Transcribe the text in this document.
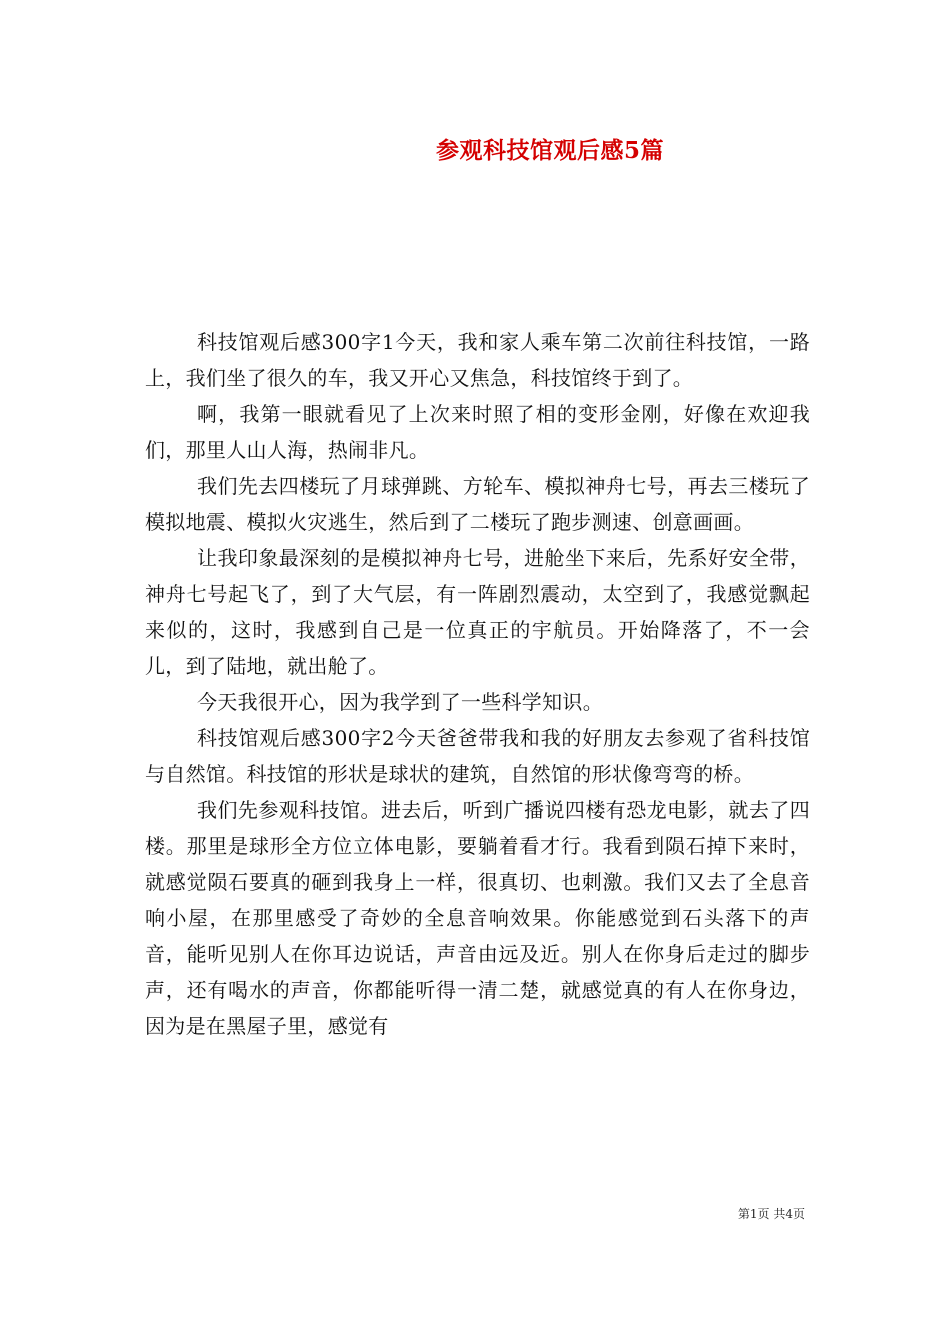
参观科技馆观后感5篇

科技馆观后感300字1今天，我和家人乘车第二次前往科技馆，一路上，我们坐了很久的车，我又开心又焦急，科技馆终于到了。

啊，我第一眼就看见了上次来时照了相的变形金刚，好像在欢迎我们，那里人山人海，热闹非凡。

我们先去四楼玩了月球弹跳、方轮车、模拟神舟七号，再去三楼玩了模拟地震、模拟火灾逃生，然后到了二楼玩了跑步测速、创意画画。

让我印象最深刻的是模拟神舟七号，进舱坐下来后，先系好安全带，神舟七号起飞了，到了大气层，有一阵剧烈震动，太空到了，我感觉飘起来似的，这时，我感到自己是一位真正的宇航员。开始降落了，不一会儿，到了陆地，就出舱了。

今天我很开心，因为我学到了一些科学知识。

科技馆观后感300字2今天爸爸带我和我的好朋友去参观了省科技馆与自然馆。科技馆的形状是球状的建筑，自然馆的形状像弯弯的桥。

我们先参观科技馆。进去后，听到广播说四楼有恐龙电影，就去了四楼。那里是球形全方位立体电影，要躺着看才行。我看到陨石掉下来时，就感觉陨石要真的砸到我身上一样，很真切、也刺激。我们又去了全息音响小屋，在那里感受了奇妙的全息音响效果。你能感觉到石头落下的声音，能听见别人在你耳边说话，声音由远及近。别人在你身后走过的脚步声，还有喝水的声音，你都能听得一清二楚，就感觉真的有人在你身边，因为是在黑屋子里，感觉有

第1页 共4页
